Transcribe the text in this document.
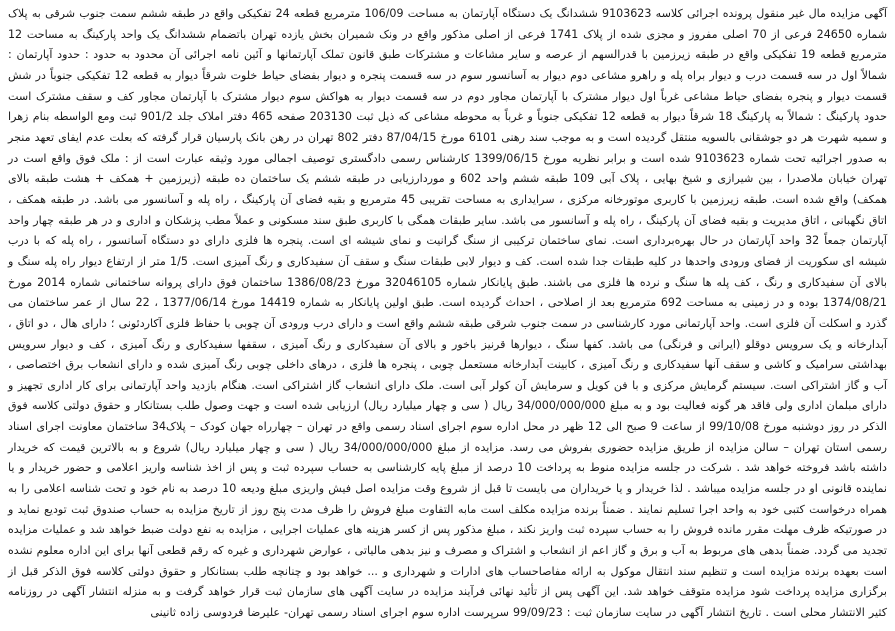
آگهی مزایده مال غیر منقول پرونده اجرائی کلاسه 9103623 ششدانگ یک دستگاه آپارتمان به مساحت 106/09 مترمربع قطعه 24 تفکیکی واقع در طبقه ششم سمت جنوب شرقی به پلاک شماره 24650 فرعی از 70 اصلی مفروز و مجزی شده از پلاک 1741 فرعی از اصلی مذکور واقع در ونک شمیران بخش یازده تهران باتضمام ششدانگ یک واحد پارکینگ به مساحت 12 مترمربع قطعه 19 تفکیکی واقع در طبقه زیرزمین با قدرالسهم از عرصه و سایر مشاعات و مشترکات طبق قانون تملک آپارتمانها و آئین نامه اجرائی آن محدود به حدود : حدود آپارتمان : شمالاً اول در سه قسمت درب و دیوار براه پله و راهرو مشاعی دوم دیوار به آسانسور سوم در سه قسمت پنجره و دیوار بفضای حیاط خلوت شرقاً دیوار به قطعه 12 تفکیکی جنوباً در شش قسمت دیوار و پنجره بفضای حیاط مشاعی غرباً اول دیوار مشترک با آپارتمان مجاور دوم در سه قسمت دیوار به هواکش سوم دیوار مشترک با آپارتمان مجاور کف و سقف مشترک است حدود پارکینگ : شمالاً به پارکینگ 18 شرقاً دیوار به قطعه 12 تفکیکی جنوباً و غرباً به محوطه مشاعی که ذیل ثبت 203130 صفحه 465 دفتر املاک جلد 901/2 ثبت ومع الواسطه بنام زهرا و سمیه شهرت هر دو جوشقانی بالسویه منتقل گردیده است و به موجب سند رهنی 6101 مورخ 87/04/15 دفتر 802 تهران در رهن بانک پارسیان قرار گرفته که بعلت عدم ایفای تعهد منجر به صدور اجرائیه تحت شماره 9103623 شده است و برابر نظریه مورخ 1399/06/15 کارشناس رسمی دادگستری توصیف اجمالی مورد وثیقه عبارت است از : ملک فوق واقع است در تهران خیابان ملاصدرا ، بین شیرازی و شیخ بهایی ، پلاک آبی 109 طبقه ششم واحد 602 و موردارزیابی در طبقه ششم یک ساختمان ده طبقه (زیرزمین + همکف + هشت طبقه بالای همکف) واقع شده است. طبقه زیرزمین با کاربری موتورخانه مرکزی ، سرایداری به مساحت تقریبی 45 مترمربع و بقیه فضای آن پارکینگ ، راه پله و آسانسور می باشد. در طبقه همکف ، اتاق نگهبانی ، اتاق مدیریت و بقیه فضای آن پارکینگ ، راه پله و آسانسور می باشد. سایر طبقات همگی با کاربری طبق سند مسکونی و عملاً مطب پزشکان و اداری و در هر طبقه چهار واحد آپارتمان جمعاً 32 واحد آپارتمان در حال بهره‌برداری است. نمای ساختمان ترکیبی از سنگ گرانیت و نمای شیشه ای است. پنجره ها فلزی دارای دو دستگاه آسانسور ، راه پله که با درب شیشه ای سکوریت از فضای ورودی واحدها در کلیه طبقات جدا شده است. کف و دیوار لابی طبقات سنگ و سقف آن سفیدکاری و رنگ آمیزی است. 1/5 متر از ارتفاع دیوار راه پله سنگ و بالای آن سفیدکاری و رنگ ، کف پله ها سنگ و نرده ها فلزی می باشند. طبق پایانکار شماره 32046105 مورخ 1386/08/23 ساختمان فوق دارای پروانه ساختمانی شماره 2014 مورخ 1374/08/21 بوده و در زمینی به مساحت 692 مترمربع بعد از اصلاحی ، احداث گردیده است. طبق اولین پایانکار به شماره 14419 مورخ 1377/06/14 ، 22 سال از عمر ساختمان می گذرد و اسکلت آن فلزی است. واحد آپارتمانی مورد کارشناسی در سمت جنوب شرقی طبقه ششم واقع است و دارای درب ورودی آن چوبی با حفاظ فلزی آکاردئونی ؛ دارای هال ، دو اتاق ، آبدارخانه و یک سرویس دوقلو (ایرانی و فرنگی) می باشد. کفها سنگ ، دیوارها قرنیز باخور و بالای آن سفیدکاری و رنگ آمیزی ، سقفها سفیدکاری و رنگ آمیزی ، کف و دیوار سرویس بهداشتی سرامیک و کاشی و سقف آنها سفیدکاری و رنگ آمیزی ، کابینت آبدارخانه مستعمل چوبی ، پنجره ها فلزی ، درهای داخلی چوبی رنگ آمیزی شده و دارای انشعاب برق اختصاصی ، آب و گاز اشتراکی است. سیستم گرمایش مرکزی و با فن کویل و سرمایش آن کولر آبی است. ملک دارای انشعاب گاز اشتراکی است. هنگام بازدید واحد آپارتمانی برای کار اداری تجهیز و دارای مبلمان اداری ولی فاقد هر گونه فعالیت بود و به مبلغ 34/000/000/000 ریال ( سی و چهار میلیارد ریال) ارزیابی شده است و جهت وصول طلب بستانکار و حقوق دولتی کلاسه فوق الذکر در روز دوشنبه مورخ 99/10/08 از ساعت 9 صبح الی 12 ظهر در محل اداره سوم اجرای اسناد رسمی واقع در تهران – چهارراه جهان کودک – پلاک34 ساختمان معاونت اجرای اسناد رسمی استان تهران – سالن مزایده از طریق مزایده حضوری بفروش می رسد. مزایده از مبلغ 34/000/000/000 ریال ( سی و چهار میلیارد ریال) شروع و به بالاترین قیمت که خریدار داشته باشد فروخته خواهد شد . شرکت در جلسه مزایده منوط به پرداخت 10 درصد از مبلغ پایه کارشناسی به حساب سپرده ثبت و پس از اخذ شناسه واریز اعلامی و حضور خریدار و یا نماینده قانونی او در جلسه مزایده میباشد . لذا خریدار و یا خریداران می بایست تا قبل از شروع وقت مزایده اصل فیش واریزی مبلغ ودیعه 10 درصد به نام خود و تحت شناسه اعلامی را به همراه درخواست کتبی خود به واحد اجرا تسلیم نمایند . ضمناً برنده مزایده مکلف است مابه التفاوت مبلغ فروش را ظرف مدت پنج روز از تاریخ مزایده به حساب صندوق ثبت تودیع نماید و در صورتیکه ظرف مهلت مقرر مانده فروش را به حساب سپرده ثبت واریز نکند ، مبلغ مذکور پس از کسر هزینه های عملیات اجرایی ، مزایده به نفع دولت ضبط خواهد شد و عملیات مزایده تجدید می گردد. ضمناً بدهی های مربوط به آب و برق و گاز اعم از انشعاب و اشتراک و مصرف و نیز بدهی مالیاتی ، عوارض شهرداری و غیره که رقم قطعی آنها برای این اداره معلوم نشده است بعهده برنده مزایده است و تنظیم سند انتقال موکول به ارائه مفاصاحساب های ادارات و شهرداری و ... خواهد بود و چنانچه طلب بستانکار و حقوق دولتی کلاسه فوق الذکر قبل از برگزاری مزایده پرداخت شود مزایده متوقف خواهد شد. این آگهی پس از تأئید نهائی فرآیند مزایده در سایت آگهی های سازمان ثبت قرار خواهد گرفت و به منزله انتشار آگهی در روزنامه کثیر الانتشار محلی است . تاریخ انتشار آگهی در سایت سازمان ثبت : 99/09/23 سرپرست اداره سوم اجرای اسناد رسمی تهران- علیرضا فردوسی زاده ثانینی
